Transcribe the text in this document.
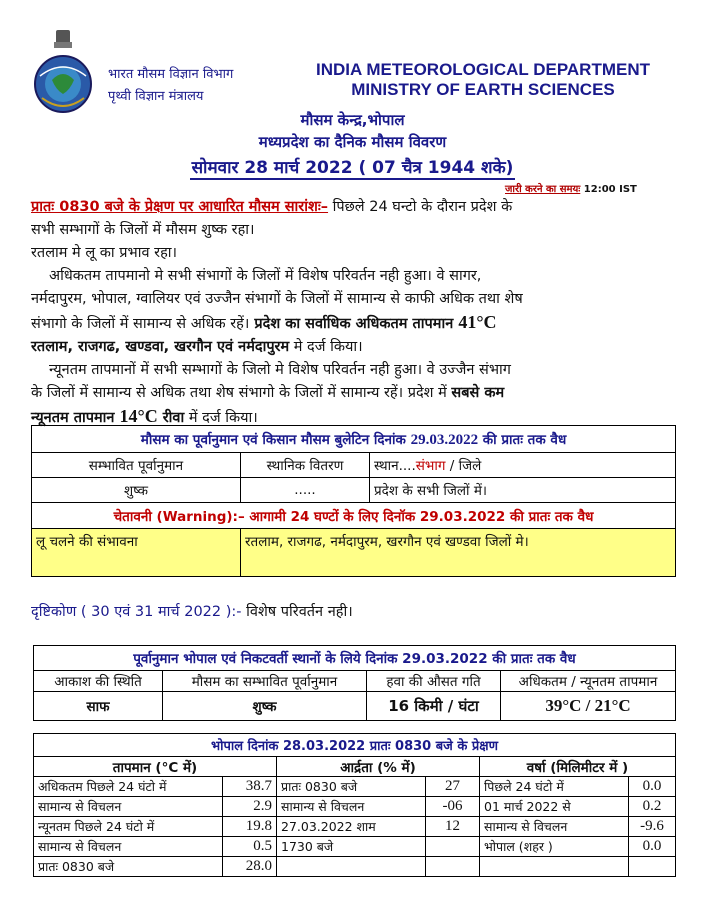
भारत मौसम विज्ञान विभाग
पृथ्वी विज्ञान मंत्रालय
INDIA METEOROLOGICAL DEPARTMENT
MINISTRY OF EARTH SCIENCES
मौसम केन्द्र,भोपाल
मध्यप्रदेश का दैनिक मौसम विवरण
सोमवार 28 मार्च 2022 ( 07 चैत्र 1944 शके)
जारी करने का समयः 12:00 IST
प्रातः 0830 बजे के प्रेक्षण पर आधारित मौसम सारांशः– पिछले 24 घन्टो के दौरान प्रदेश के
सभी सम्भागों के जिलों में मौसम शुष्क रहा।
रतलाम मे लू का प्रभाव रहा।
अधिकतम तापमानो मे सभी संभागों के जिलों में विशेष परिवर्तन नही हुआ। वे सागर,
नर्मदापुरम, भोपाल, ग्वालियर एवं उज्जैन संभागों के जिलों में सामान्य से काफी अधिक तथा शेष
संभागो के जिलों में सामान्य से अधिक रहें। प्रदेश का सर्वाधिक अधिकतम तापमान 41°C
रतलाम, राजगढ, खण्डवा, खरगौन एवं नर्मदापुरम मे दर्ज किया।
न्यूनतम तापमानों में सभी सम्भागों के जिलो मे विशेष परिवर्तन नही हुआ। वे उज्जैन संभाग
के जिलों में सामान्य से अधिक तथा शेष संभागो के जिलों में सामान्य रहें। प्रदेश में सबसे कम
न्यूनतम तापमान 14°C रीवा में दर्ज किया।
मौसम का पूर्वानुमान एवं किसान मौसम बुलेटिन दिनांक 29.03.2022 की प्रातः तक वैध		
सम्भावित पूर्वानुमान	स्थानिक वितरण	स्थान....संभाग / जिले
शुष्क	.....	प्रदेश के सभी जिलों में।
चेतावनी (Warning):– आगामी 24 घण्टों के लिए दिनॉक 29.03.2022 की प्रातः तक वैध		
लू चलने की संभावना	रतलाम, राजगढ, नर्मदापुरम, खरगौन एवं खण्डवा जिलों मे।	
दृष्टिकोण ( 30 एवं 31 मार्च 2022 ):- विशेष परिवर्तन नही।
पूर्वानुमान भोपाल एवं निकटवर्ती स्थानों के लिये दिनांक 29.03.2022 की प्रातः तक वैध			
आकाश की स्थिति	मौसम का सम्भावित पूर्वानुमान	हवा की औसत गति	अधिकतम / न्यूनतम तापमान
साफ	शुष्क	16 किमी / घंटा	39°C / 21°C
भोपाल दिनांक 28.03.2022 प्रातः 0830 बजे के प्रेक्षण					
तापमान (°C में)		आर्द्रता (% में)		वर्षा (मिलिमीटर में )	
अधिकतम पिछले 24 घंटो में	38.7	प्रातः 0830 बजे	27	पिछले 24 घंटो में	0.0
सामान्य से विचलन	2.9	सामान्य से विचलन	-06	01 मार्च 2022 से	0.2
न्यूनतम पिछले 24 घंटो में	19.8	27.03.2022 शाम	12	सामान्य से विचलन	-9.6
सामान्य से विचलन	0.5	1730 बजे		भोपाल (शहर )	0.0
प्रातः 0830 बजे	28.0				
